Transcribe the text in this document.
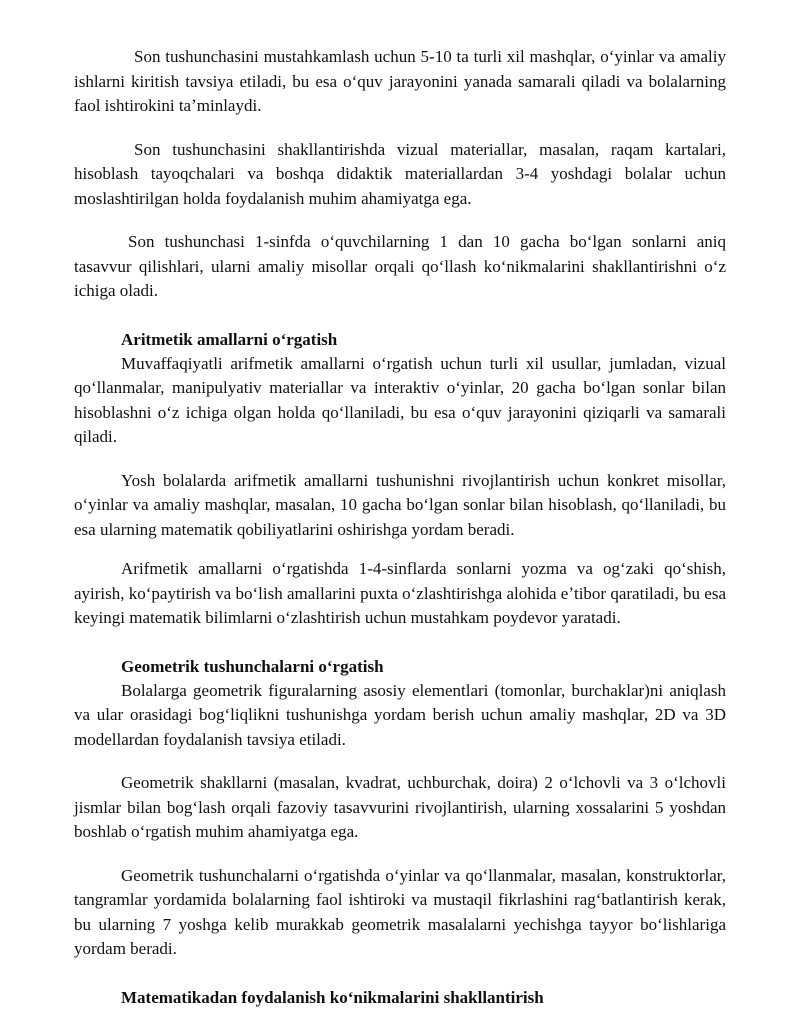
Son tushunchasini mustahkamlash uchun 5-10 ta turli xil mashqlar, oʻyinlar va amaliy ishlarni kiritish tavsiya etiladi, bu esa oʻquv jarayonini yanada samarali qiladi va bolalarning faol ishtirokini taʼminlaydi.

Son tushunchasini shakllantirishda vizual materiallar, masalan, raqam kartalari, hisoblash tayoqchalari va boshqa didaktik materiallardan 3-4 yoshdagi bolalar uchun moslashtirilgan holda foydalanish muhim ahamiyatga ega.

Son tushunchasi 1-sinfda oʻquvchilarning 1 dan 10 gacha boʻlgan sonlarni aniq tasavvur qilishlari, ularni amaliy misollar orqali qoʻllash koʻnikmalarini shakllantirishni oʻz ichiga oladi.

Aritmetik amallarni oʻrgatish

Muvaffaqiyatli arifmetik amallarni oʻrgatish uchun turli xil usullar, jumladan, vizual qoʻllanmalar, manipulyativ materiallar va interaktiv oʻyinlar, 20 gacha boʻlgan sonlar bilan hisoblashni oʻz ichiga olgan holda qoʻllaniladi, bu esa oʻquv jarayonini qiziqarli va samarali qiladi.

Yosh bolalarda arifmetik amallarni tushunishni rivojlantirish uchun konkret misollar, oʻyinlar va amaliy mashqlar, masalan, 10 gacha boʻlgan sonlar bilan hisoblash, qoʻllaniladi, bu esa ularning matematik qobiliyatlarini oshirishga yordam beradi.

Arifmetik amallarni oʻrgatishda 1-4-sinflarda sonlarni yozma va ogʻzaki qoʻshish, ayirish, koʻpaytirish va boʻlish amallarini puxta oʻzlashtirishga alohida eʼtibor qaratiladi, bu esa keyingi matematik bilimlarni oʻzlashtirish uchun mustahkam poydevor yaratadi.

Geometrik tushunchalarni oʻrgatish

Bolalarga geometrik figuralarning asosiy elementlari (tomonlar, burchaklar)ni aniqlash va ular orasidagi bogʻliqlikni tushunishga yordam berish uchun amaliy mashqlar, 2D va 3D modellardan foydalanish tavsiya etiladi.

Geometrik shakllarni (masalan, kvadrat, uchburchak, doira) 2 oʻlchovli va 3 oʻlchovli jismlar bilan bogʻlash orqali fazoviy tasavvurini rivojlantirish, ularning xossalarini 5 yoshdan boshlab oʻrgatish muhim ahamiyatga ega.

Geometrik tushunchalarni oʻrgatishda oʻyinlar va qoʻllanmalar, masalan, konstruktorlar, tangramlar yordamida bolalarning faol ishtiroki va mustaqil fikrlashini ragʻbatlantirish kerak, bu ularning 7 yoshga kelib murakkab geometrik masalalarni yechishga tayyor boʻlishlariga yordam beradi.

Matematikadan foydalanish koʻnikmalarini shakllantirish
